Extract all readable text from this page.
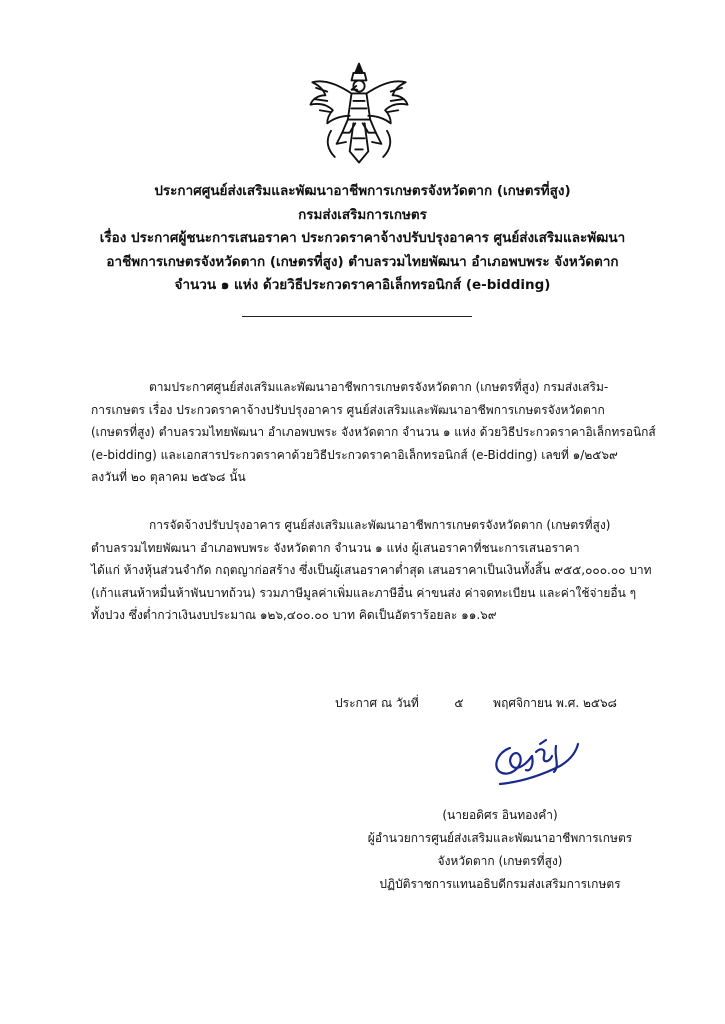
ประกาศศูนย์ส่งเสริมและพัฒนาอาชีพการเกษตรจังหวัดตาก (เกษตรที่สูง)
กรมส่งเสริมการเกษตร
เรื่อง ประกาศผู้ชนะการเสนอราคา ประกวดราคาจ้างปรับปรุงอาคาร ศูนย์ส่งเสริมและพัฒนา
อาชีพการเกษตรจังหวัดตาก (เกษตรที่สูง) ตำบลรวมไทยพัฒนา อำเภอพบพระ จังหวัดตาก
จำนวน ๑ แห่ง ด้วยวิธีประกวดราคาอิเล็กทรอนิกส์ (e-bidding)
ตามประกาศศูนย์ส่งเสริมและพัฒนาอาชีพการเกษตรจังหวัดตาก (เกษตรที่สูง) กรมส่งเสริม-
การเกษตร เรื่อง ประกวดราคาจ้างปรับปรุงอาคาร ศูนย์ส่งเสริมและพัฒนาอาชีพการเกษตรจังหวัดตาก
(เกษตรที่สูง) ตำบลรวมไทยพัฒนา อำเภอพบพระ จังหวัดตาก จำนวน ๑ แห่ง ด้วยวิธีประกวดราคาอิเล็กทรอนิกส์
(e-bidding) และเอกสารประกวดราคาด้วยวิธีประกวดราคาอิเล็กทรอนิกส์ (e-Bidding) เลขที่ ๑/๒๕๖๙
ลงวันที่ ๒๐ ตุลาคม ๒๕๖๘ นั้น
การจัดจ้างปรับปรุงอาคาร ศูนย์ส่งเสริมและพัฒนาอาชีพการเกษตรจังหวัดตาก (เกษตรที่สูง)
ตำบลรวมไทยพัฒนา อำเภอพบพระ จังหวัดตาก จำนวน ๑ แห่ง ผู้เสนอราคาที่ชนะการเสนอราคา
ได้แก่ ห้างหุ้นส่วนจำกัด กฤตญาก่อสร้าง ซึ่งเป็นผู้เสนอราคาต่ำสุด เสนอราคาเป็นเงินทั้งสิ้น ๙๕๕,๐๐๐.๐๐ บาท
(เก้าแสนห้าหมื่นห้าพันบาทถ้วน) รวมภาษีมูลค่าเพิ่มและภาษีอื่น ค่าขนส่ง ค่าจดทะเบียน และค่าใช้จ่ายอื่น ๆ
ทั้งปวง ซึ่งต่ำกว่าเงินงบประมาณ ๑๒๖,๔๐๐.๐๐ บาท คิดเป็นอัตราร้อยละ ๑๑.๖๙
ประกาศ ณ วันที่	๕ พฤศจิกายน พ.ศ. ๒๕๖๘
(นายอดิศร อินทองคำ)
ผู้อำนวยการศูนย์ส่งเสริมและพัฒนาอาชีพการเกษตร
จังหวัดตาก (เกษตรที่สูง)
ปฏิบัติราชการแทนอธิบดีกรมส่งเสริมการเกษตร
